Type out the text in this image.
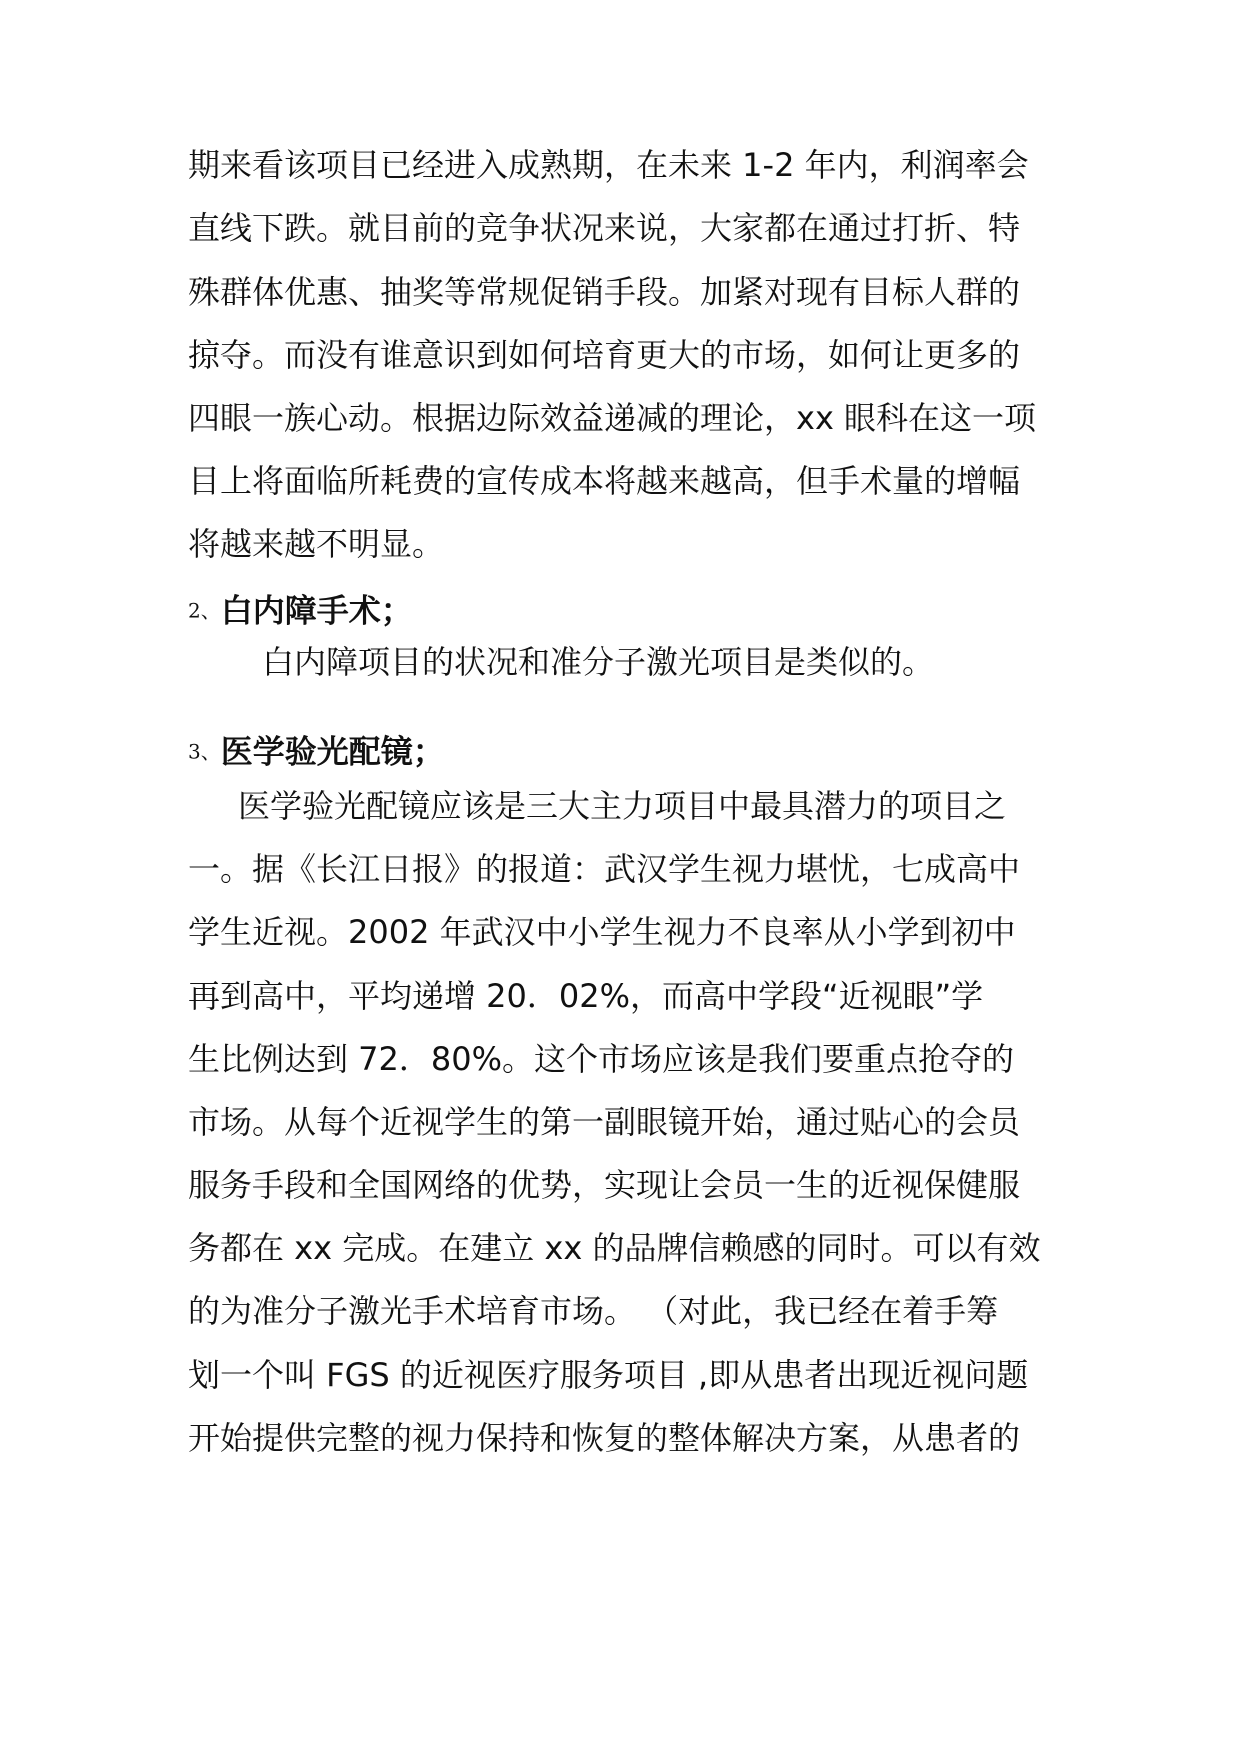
期来看该项目已经进入成熟期，在未来 1-2 年内，利润率会
直线下跌。就目前的竞争状况来说，大家都在通过打折、特
殊群体优惠、抽奖等常规促销手段。加紧对现有目标人群的
掠夺。而没有谁意识到如何培育更大的市场，如何让更多的
四眼一族心动。根据边际效益递减的理论，xx 眼科在这一项
目上将面临所耗费的宣传成本将越来越高，但手术量的增幅
将越来越不明显。
2、白内障手术；
白内障项目的状况和准分子激光项目是类似的。
3、医学验光配镜；
医学验光配镜应该是三大主力项目中最具潜力的项目之
一。据《长江日报》的报道：武汉学生视力堪忧，七成高中
学生近视。2002 年武汉中小学生视力不良率从小学到初中
再到高中，平均递增 20．02%，而高中学段“近视眼”学
生比例达到 72．80%。这个市场应该是我们要重点抢夺的
市场。从每个近视学生的第一副眼镜开始，通过贴心的会员
服务手段和全国网络的优势，实现让会员一生的近视保健服
务都在 xx 完成。在建立 xx 的品牌信赖感的同时。可以有效
的为准分子激光手术培育市场。 （对此，我已经在着手筹
划一个叫 FGS 的近视医疗服务项目 ,即从患者出现近视问题
开始提供完整的视力保持和恢复的整体解决方案，从患者的
